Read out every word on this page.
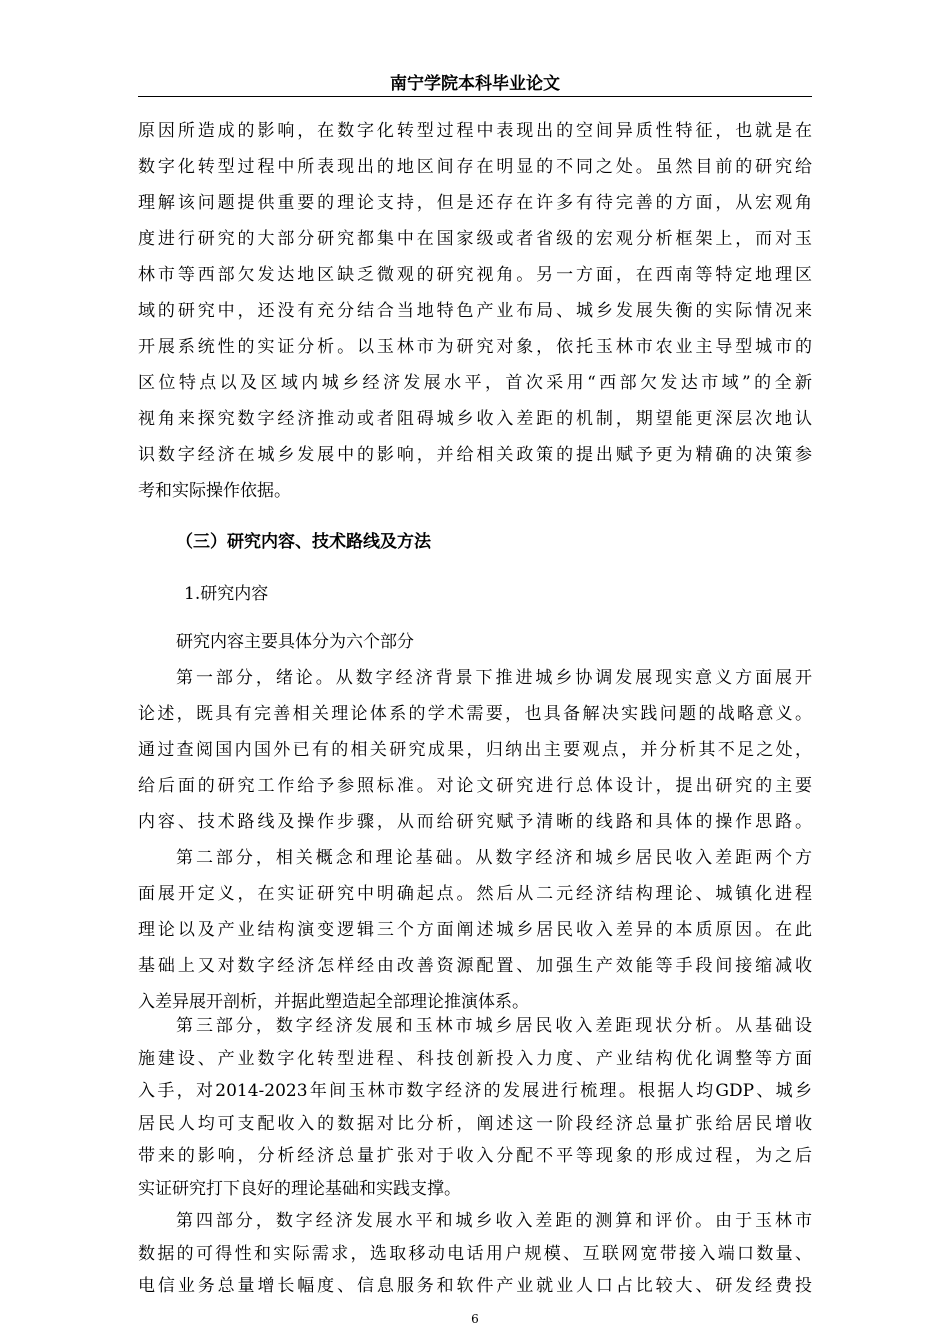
南宁学院本科毕业论文
原因所造成的影响，在数字化转型过程中表现出的空间异质性特征，也就是在
数字化转型过程中所表现出的地区间存在明显的不同之处。虽然目前的研究给
理解该问题提供重要的理论支持，但是还存在许多有待完善的方面，从宏观角
度进行研究的大部分研究都集中在国家级或者省级的宏观分析框架上，而对玉
林市等西部欠发达地区缺乏微观的研究视角。另一方面，在西南等特定地理区
域的研究中，还没有充分结合当地特色产业布局、城乡发展失衡的实际情况来
开展系统性的实证分析。以玉林市为研究对象，依托玉林市农业主导型城市的
区位特点以及区域内城乡经济发展水平，首次采用“西部欠发达市域”的全新
视角来探究数字经济推动或者阻碍城乡收入差距的机制，期望能更深层次地认
识数字经济在城乡发展中的影响，并给相关政策的提出赋予更为精确的决策参
考和实际操作依据。
（三）研究内容、技术路线及方法
1.研究内容
研究内容主要具体分为六个部分
第一部分，绪论。从数字经济背景下推进城乡协调发展现实意义方面展开
论述，既具有完善相关理论体系的学术需要，也具备解决实践问题的战略意义。
通过查阅国内国外已有的相关研究成果，归纳出主要观点，并分析其不足之处，
给后面的研究工作给予参照标准。对论文研究进行总体设计，提出研究的主要
内容、技术路线及操作步骤，从而给研究赋予清晰的线路和具体的操作思路。
第二部分，相关概念和理论基础。从数字经济和城乡居民收入差距两个方
面展开定义，在实证研究中明确起点。然后从二元经济结构理论、城镇化进程
理论以及产业结构演变逻辑三个方面阐述城乡居民收入差异的本质原因。在此
基础上又对数字经济怎样经由改善资源配置、加强生产效能等手段间接缩减收
入差异展开剖析，并据此塑造起全部理论推演体系。
第三部分，数字经济发展和玉林市城乡居民收入差距现状分析。从基础设
施建设、产业数字化转型进程、科技创新投入力度、产业结构优化调整等方面
入手，对2014-2023年间玉林市数字经济的发展进行梳理。根据人均GDP、城乡
居民人均可支配收入的数据对比分析，阐述这一阶段经济总量扩张给居民增收
带来的影响，分析经济总量扩张对于收入分配不平等现象的形成过程，为之后
实证研究打下良好的理论基础和实践支撑。
6
第四部分，数字经济发展水平和城乡收入差距的测算和评价。由于玉林市
数据的可得性和实际需求，选取移动电话用户规模、互联网宽带接入端口数量、
电信业务总量增长幅度、信息服务和软件产业就业人口占比较大、研发经费投
